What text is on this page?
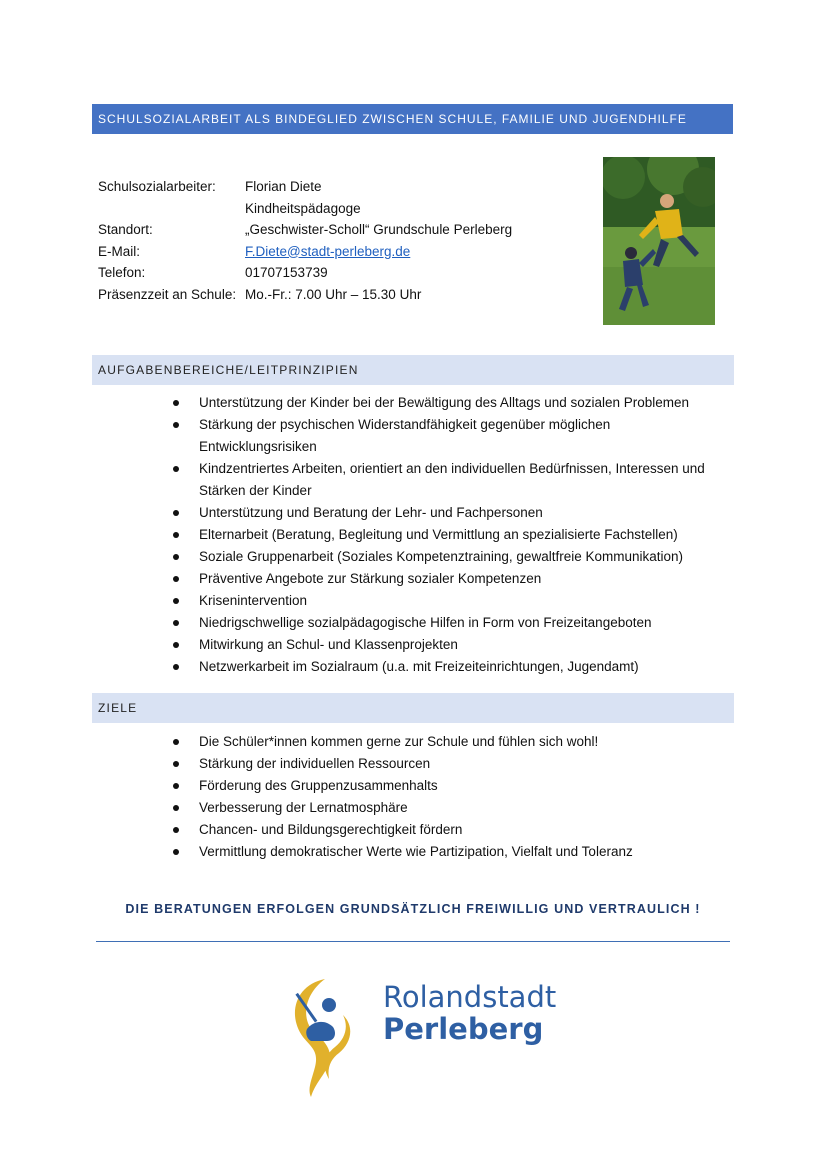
SCHULSOZIALARBEIT ALS BINDEGLIED ZWISCHEN SCHULE, FAMILIE UND JUGENDHILFE
Schulsozialarbeiter:	Florian Diete
Kindheitspädagoge
Standort:	„Geschwister-Scholl“ Grundschule Perleberg
E-Mail:	F.Diete@stadt-perleberg.de
Telefon:	01707153739
Präsenzzeit an Schule: Mo.-Fr.: 7.00 Uhr – 15.30 Uhr
AUFGABENBEREICHE/LEITPRINZIPIEN
Unterstützung der Kinder bei der Bewältigung des Alltags und sozialen Problemen
Stärkung der psychischen Widerstandfähigkeit gegenüber möglichen Entwicklungsrisiken
Kindzentriertes Arbeiten, orientiert an den individuellen Bedürfnissen, Interessen und Stärken der Kinder
Unterstützung und Beratung der Lehr- und Fachpersonen
Elternarbeit (Beratung, Begleitung und Vermittlung an spezialisierte Fachstellen)
Soziale Gruppenarbeit (Soziales Kompetenztraining, gewaltfreie Kommunikation)
Präventive Angebote zur Stärkung sozialer Kompetenzen
Krisenintervention
Niedrigschwellige sozialpädagogische Hilfen in Form von Freizeitangeboten
Mitwirkung an Schul- und Klassenprojekten
Netzwerkarbeit im Sozialraum (u.a. mit Freizeiteinrichtungen, Jugendamt)
ZIELE
Die Schüler*innen kommen gerne zur Schule und fühlen sich wohl!
Stärkung der individuellen Ressourcen
Förderung des Gruppenzusammenhalts
Verbesserung der Lernatmosphäre
Chancen- und Bildungsgerechtigkeit fördern
Vermittlung demokratischer Werte wie Partizipation, Vielfalt und Toleranz
DIE BERATUNGEN ERFOLGEN GRUNDSÄTZLICH FREIWILLIG UND VERTRAULICH !
Rolandstadt
Perleberg
